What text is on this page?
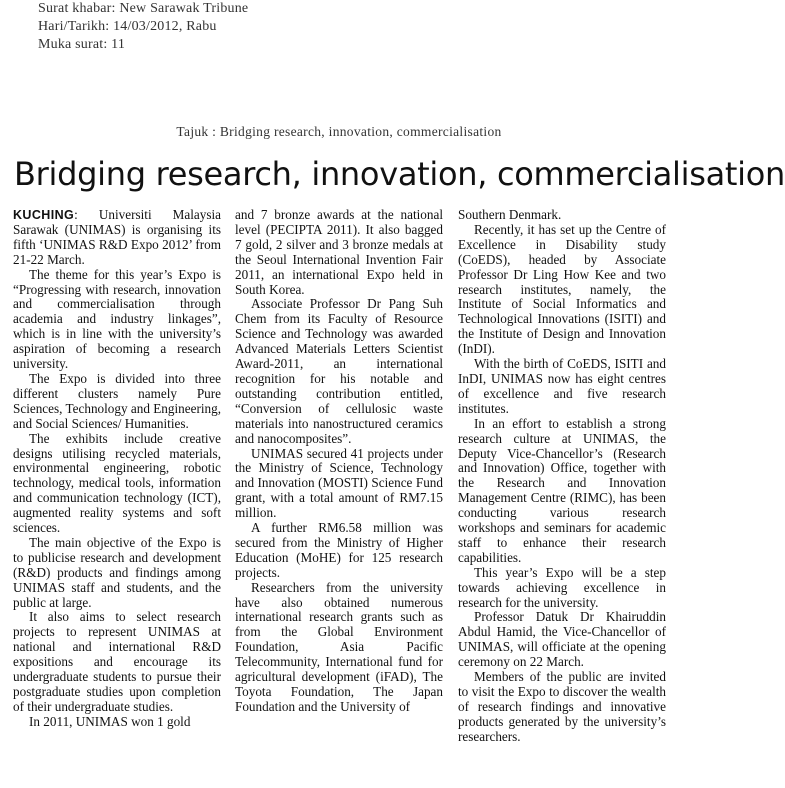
Surat khabar: New Sarawak Tribune
Hari/Tarikh: 14/03/2012, Rabu
Muka surat: 11
Tajuk : Bridging research, innovation, commercialisation
Bridging research, innovation, commercialisation

KUCHING: Universiti Malaysia Sarawak (UNIMAS) is organising its fifth ‘UNIMAS R&D Expo 2012’ from 21-22 March.

The theme for this year’s Expo is “Progressing with research, innovation and commercialisation through academia and industry linkages”, which is in line with the university’s aspiration of becoming a research university.

The Expo is divided into three different clusters namely Pure Sciences, Technology and Engineering, and Social Sciences/ Humanities.

The exhibits include creative designs utilising recycled materials, environmental engineering, robotic technology, medical tools, information and communication technology (ICT), augmented reality systems and soft sciences.

The main objective of the Expo is to publicise research and development (R&D) products and findings among UNIMAS staff and students, and the public at large.

It also aims to select research projects to represent UNIMAS at national and international R&D expositions and encourage its undergraduate students to pursue their postgraduate studies upon completion of their undergraduate studies.

In 2011, UNIMAS won 1 gold

and 7 bronze awards at the national level (PECIPTA 2011). It also bagged 7 gold, 2 silver and 3 bronze medals at the Seoul International Invention Fair 2011, an international Expo held in South Korea.

Associate Professor Dr Pang Suh Chem from its Faculty of Resource Science and Technology was awarded Advanced Materials Letters Scientist Award-2011, an international recognition for his notable and outstanding contribution entitled, “Conversion of cellulosic waste materials into nanostructured ceramics and nanocomposites”.

UNIMAS secured 41 projects under the Ministry of Science, Technology and Innovation (MOSTI) Science Fund grant, with a total amount of RM7.15 million.

A further RM6.58 million was secured from the Ministry of Higher Education (MoHE) for 125 research projects.

Researchers from the university have also obtained numerous international research grants such as from the Global Environment Foundation, Asia Pacific Telecommunity, International fund for agricultural development (iFAD), The Toyota Foundation, The Japan Foundation and the University of

Southern Denmark.

Recently, it has set up the Centre of Excellence in Disability study (CoEDS), headed by Associate Professor Dr Ling How Kee and two research institutes, namely, the Institute of Social Informatics and Technological Innovations (ISITI) and the Institute of Design and Innovation (InDI).

With the birth of CoEDS, ISITI and InDI, UNIMAS now has eight centres of excellence and five research institutes.

In an effort to establish a strong research culture at UNIMAS, the Deputy Vice-Chancellor’s (Research and Innovation) Office, together with the Research and Innovation Management Centre (RIMC), has been conducting various research workshops and seminars for academic staff to enhance their research capabilities.

This year’s Expo will be a step towards achieving excellence in research for the university.

Professor Datuk Dr Khairuddin Abdul Hamid, the Vice-Chancellor of UNIMAS, will officiate at the opening ceremony on 22 March.

Members of the public are invited to visit the Expo to discover the wealth of research findings and innovative products generated by the university’s researchers.
